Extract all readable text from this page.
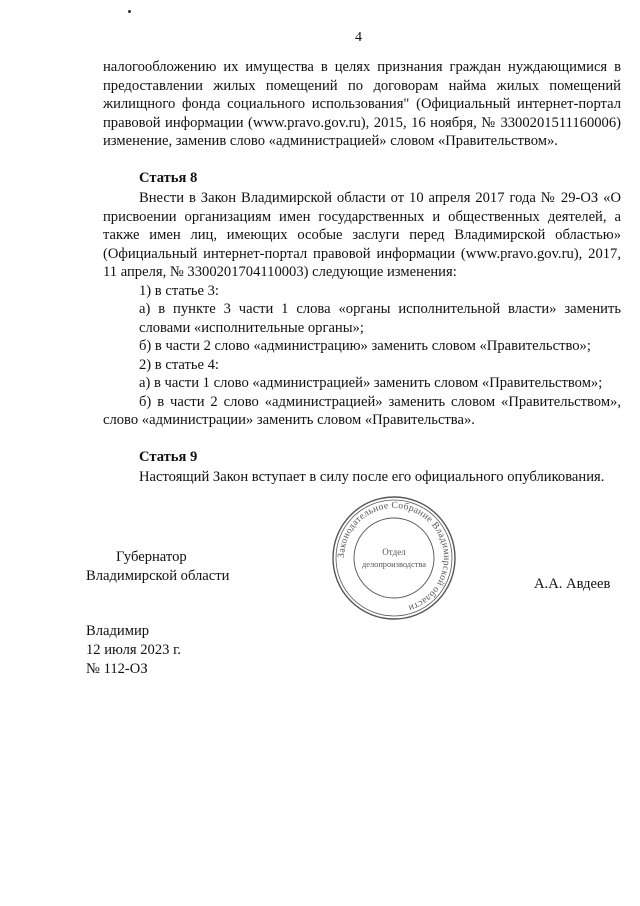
4

налогообложению их имущества в целях признания граждан нуждающимися в предоставлении жилых помещений по договорам найма жилых помещений жилищного фонда социального использования" (Официальный интернет-портал правовой информации (www.pravo.gov.ru), 2015, 16 ноября, № 3300201511160006) изменение, заменив слово «администрацией» словом «Правительством».

Статья 8

Внести в Закон Владимирской области от 10 апреля 2017 года № 29-ОЗ «О присвоении организациям имен государственных и общественных деятелей, а также имен лиц, имеющих особые заслуги перед Владимирской областью» (Официальный интернет-портал правовой информации (www.pravo.gov.ru), 2017, 11 апреля, № 3300201704110003) следующие изменения:

1) в статье 3:
а) в пункте 3 части 1 слова «органы исполнительной власти» заменить словами «исполнительные органы»;
б) в части 2 слово «администрацию» заменить словом «Правительство»;
2) в статье 4:
а) в части 1 слово «администрацией» заменить словом «Правительством»;

б) в части 2 слово «администрацией» заменить словом «Правительством», слово «администрации» заменить словом «Правительства».

Статья 9

Настоящий Закон вступает в силу после его официального опубликования.

Губернатор
Владимирской области
А.А. Авдеев
Законодательное Собрание Владимирской области
Отдел
делопроизводства
Владимир
12 июля 2023 г.
№ 112-ОЗ
